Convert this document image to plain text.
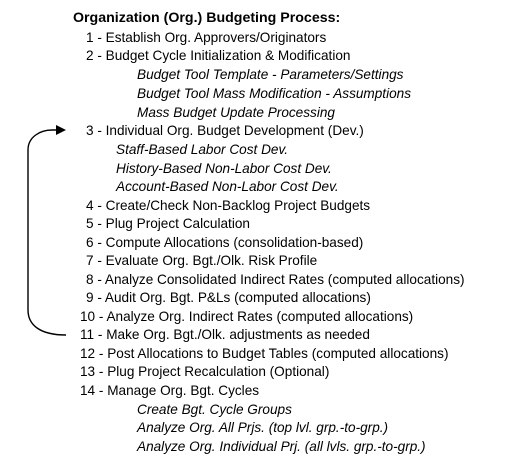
Organization (Org.) Budgeting Process:
1 - Establish Org. Approvers/Originators
2 - Budget Cycle Initialization & Modification
Budget Tool Template - Parameters/Settings
Budget Tool Mass Modification - Assumptions
Mass Budget Update Processing
3 - Individual Org. Budget Development (Dev.)
Staff-Based Labor Cost Dev.
History-Based Non-Labor Cost Dev.
Account-Based Non-Labor Cost Dev.
4 - Create/Check Non-Backlog Project Budgets
5 - Plug Project Calculation
6 - Compute Allocations (consolidation-based)
7 - Evaluate Org. Bgt./Olk. Risk Profile
8 - Analyze Consolidated Indirect Rates (computed allocations)
9 - Audit Org. Bgt. P&Ls (computed allocations)
10 - Analyze Org. Indirect Rates (computed allocations)
11 - Make Org. Bgt./Olk. adjustments as needed
12 - Post Allocations to Budget Tables (computed allocations)
13 - Plug Project Recalculation (Optional)
14 - Manage Org. Bgt. Cycles
Create Bgt. Cycle Groups
Analyze Org. All Prjs. (top lvl. grp.-to-grp.)
Analyze Org. Individual Prj. (all lvls. grp.-to-grp.)
